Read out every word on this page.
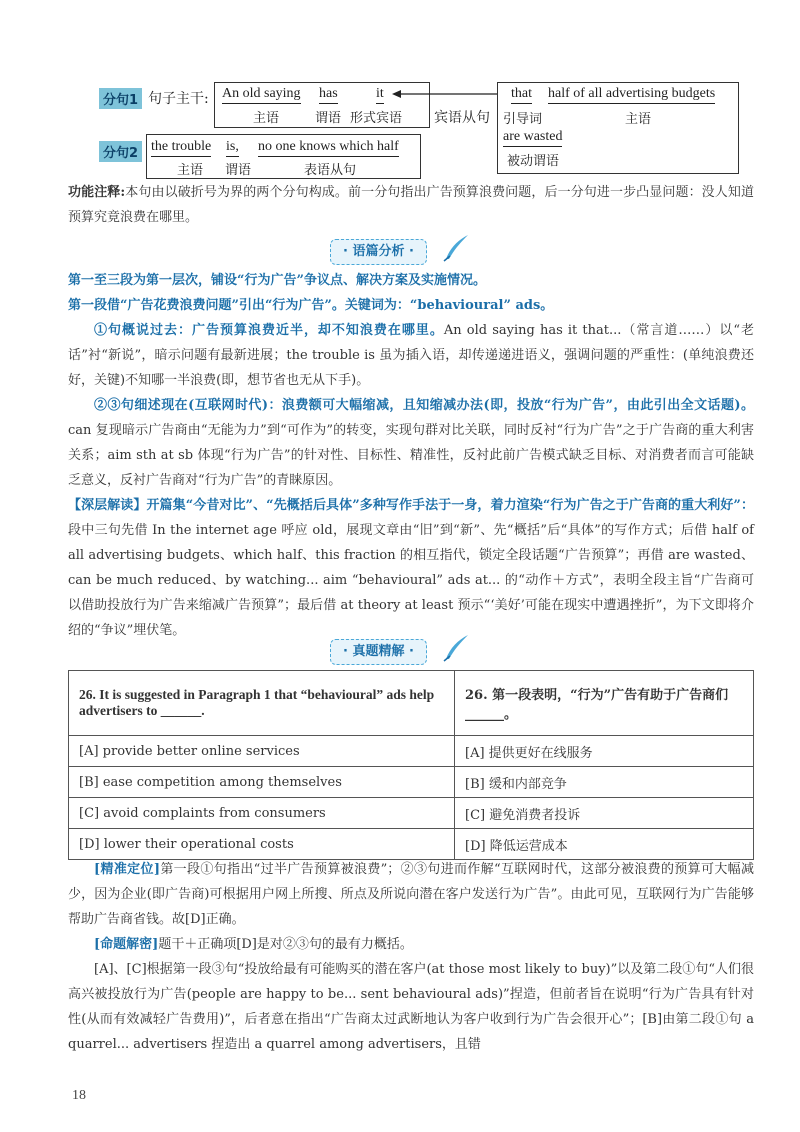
分句1 句子主干: An old saying has	it
主语	谓语 形式宾语 宾语从句
that half of all advertising budgets
引导词	主语
are wasted
被动谓语
分句2 the trouble is, no one knows which half
主语 谓语	表语从句
功能注释:本句由以破折号为界的两个分句构成。前一分句指出广告预算浪费问题，后一分句进一步凸显问题：没人知道预算究竟浪费在哪里。
· 语篇分析 ·
第一至三段为第一层次，铺设“行为广告”争议点、解决方案及实施情况。
第一段借“广告花费浪费问题”引出“行为广告”。关键词为：“behavioural” ads。
①句概说过去：广告预算浪费近半，却不知浪费在哪里。An old saying has it that...（常言道……）以“老话”衬“新说”，暗示问题有最新进展；the trouble is 虽为插入语，却传递递进语义，强调问题的严重性：(单纯浪费还好，关键)不知哪一半浪费(即，想节省也无从下手)。
②③句细述现在(互联网时代)：浪费额可大幅缩减，且知缩减办法(即，投放“行为广告”，由此引出全文话题)。can 复现暗示广告商由“无能为力”到“可作为”的转变，实现句群对比关联，同时反衬“行为广告”之于广告商的重大利害关系；aim sth at sb 体现“行为广告”的针对性、目标性、精准性，反衬此前广告模式缺乏目标、对消费者而言可能缺乏意义，反衬广告商对“行为广告”的青睐原因。
【深层解读】开篇集“今昔对比”、“先概括后具体”多种写作手法于一身，着力渲染“行为广告之于广告商的重大利好”：段中三句先借 In the internet age 呼应 old，展现文章由“旧”到“新”、先“概括”后“具体”的写作方式；后借 half of all advertising budgets、which half、this fraction 的相互指代，锁定全段话题“广告预算”；再借 are wasted、can be much reduced、by watching... aim “behavioural” ads at... 的“动作＋方式”，表明全段主旨“广告商可以借助投放行为广告来缩减广告预算”；最后借 at theory at least 预示“‘美好’可能在现实中遭遇挫折”，为下文即将介绍的“争议”埋伏笔。
· 真题精解 ·
26. It is suggested in Paragraph 1 that “behavioural” ads help advertisers to ______.	26. 第一段表明，“行为”广告有助于广告商们______。
[A] provide better online services	[A] 提供更好在线服务
[B] ease competition among themselves	[B] 缓和内部竞争
[C] avoid complaints from consumers	[C] 避免消费者投诉
[D] lower their operational costs	[D] 降低运营成本
[精准定位]第一段①句指出“过半广告预算被浪费”；②③句进而作解“互联网时代，这部分被浪费的预算可大幅减少，因为企业(即广告商)可根据用户网上所搜、所点及所说向潜在客户发送行为广告”。由此可见，互联网行为广告能够帮助广告商省钱。故[D]正确。
[命题解密]题干＋正确项[D]是对②③句的最有力概括。
[A]、[C]根据第一段③句“投放给最有可能购买的潜在客户(at those most likely to buy)”以及第二段①句“人们很高兴被投放行为广告(people are happy to be... sent behavioural ads)”捏造，但前者旨在说明“行为广告具有针对性(从而有效减轻广告费用)”，后者意在指出“广告商太过武断地认为客户收到行为广告会很开心”；[B]由第二段①句 a quarrel... advertisers 捏造出 a quarrel among advertisers，且错
18
